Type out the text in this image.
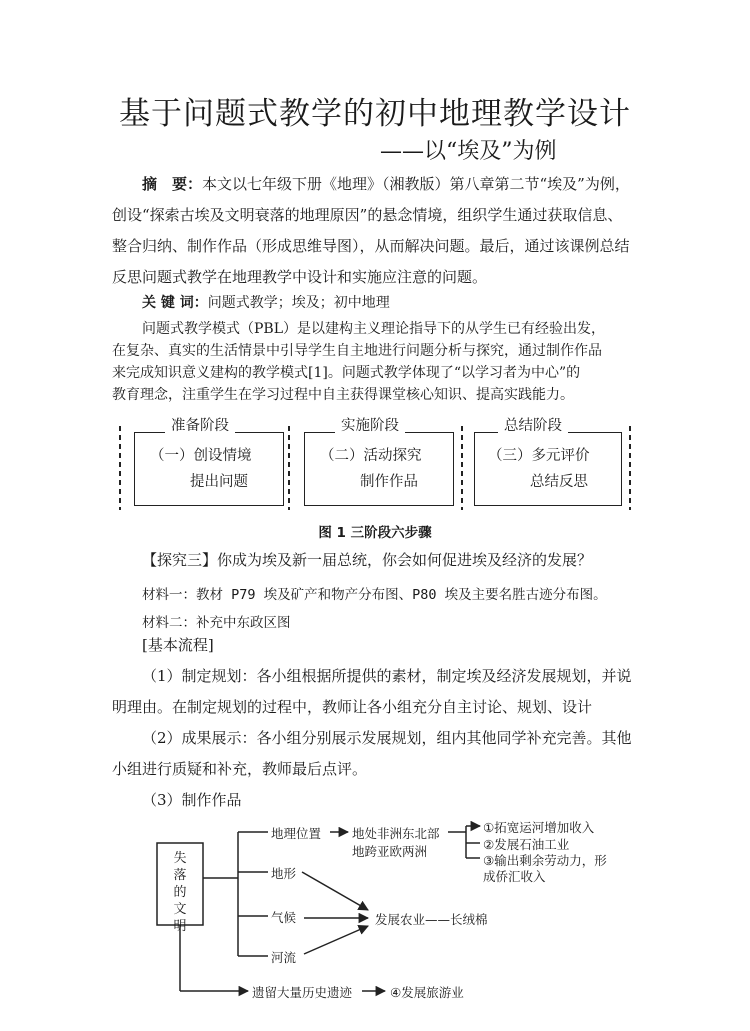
基于问题式教学的初中地理教学设计
——以“埃及”为例
摘　要：本文以七年级下册《地理》（湘教版）第八章第二节“埃及”为例，
创设“探索古埃及文明衰落的地理原因”的悬念情境，组织学生通过获取信息、
整合归纳、制作作品（形成思维导图），从而解决问题。最后，通过该课例总结
反思问题式教学在地理教学中设计和实施应注意的问题。
关 键 词：问题式教学；埃及；初中地理
问题式教学模式（PBL）是以建构主义理论指导下的从学生已有经验出发，
在复杂、真实的生活情景中引导学生自主地进行问题分析与探究，通过制作作品
来完成知识意义建构的教学模式[1]。问题式教学体现了“以学习者为中心”的
教育理念，注重学生在学习过程中自主获得课堂核心知识、提高实践能力。
准备阶段
（一）创设情境
提出问题
实施阶段
（二）活动探究
制作作品
总结阶段
（三）多元评价
总结反思
图 1 三阶段六步骤
【探究三】你成为埃及新一届总统，你会如何促进埃及经济的发展？
材料一：教材 P79 埃及矿产和物产分布图、P80 埃及主要名胜古迹分布图。
材料二：补充中东政区图
[基本流程]
（1）制定规划：各小组根据所提供的素材，制定埃及经济发展规划，并说
明理由。在制定规划的过程中，教师让各小组充分自主讨论、规划、设计
（2）成果展示：各小组分别展示发展规划，组内其他同学补充完善。其他
小组进行质疑和补充，教师最后点评。
（3）制作作品
失
落
的
文
明
地理位置
地形
气候
河流
遗留大量历史遗迹
地处非洲东北部
地跨亚欧两洲
①拓宽运河增加收入
②发展石油工业
③输出剩余劳动力，形
成侨汇收入
发展农业——长绒棉
④发展旅游业
